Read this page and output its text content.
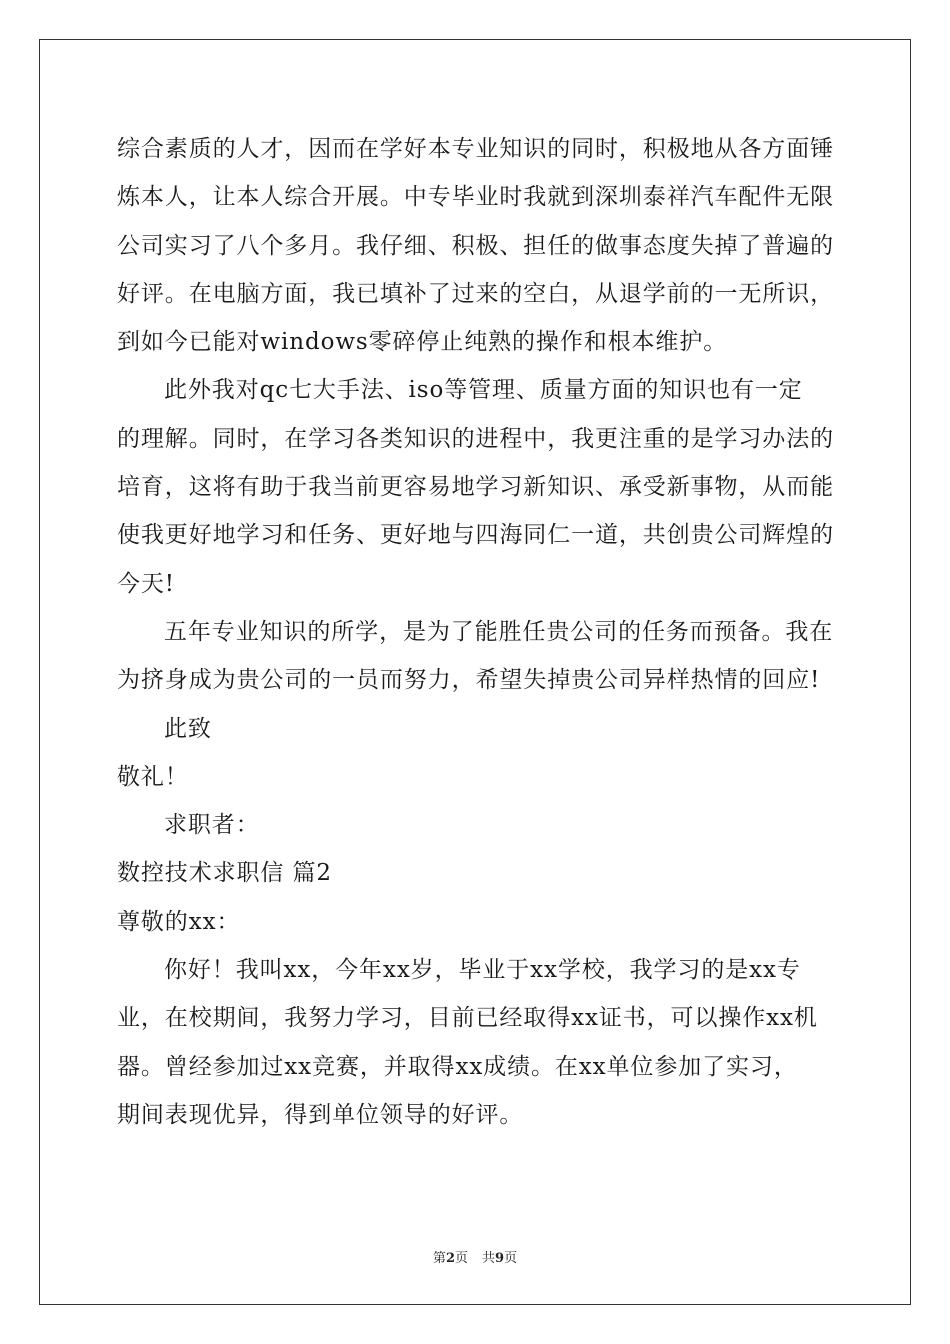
综合素质的人才，因而在学好本专业知识的同时，积极地从各方面锤
炼本人，让本人综合开展。中专毕业时我就到深圳泰祥汽车配件无限
公司实习了八个多月。我仔细、积极、担任的做事态度失掉了普遍的
好评。在电脑方面，我已填补了过来的空白，从退学前的一无所识，
到如今已能对windows零碎停止纯熟的操作和根本维护。
此外我对qc七大手法、iso等管理、质量方面的知识也有一定
的理解。同时，在学习各类知识的进程中，我更注重的是学习办法的
培育，这将有助于我当前更容易地学习新知识、承受新事物，从而能
使我更好地学习和任务、更好地与四海同仁一道，共创贵公司辉煌的
今天!
五年专业知识的所学，是为了能胜任贵公司的任务而预备。我在
为挤身成为贵公司的一员而努力，希望失掉贵公司异样热情的回应!
此致
敬礼！
求职者：
数控技术求职信 篇2
尊敬的xx：
你好！我叫xx，今年xx岁，毕业于xx学校，我学习的是xx专
业，在校期间，我努力学习，目前已经取得xx证书，可以操作xx机
器。曾经参加过xx竞赛，并取得xx成绩。在xx单位参加了实习，
期间表现优异，得到单位领导的好评。
第2页 共9页
